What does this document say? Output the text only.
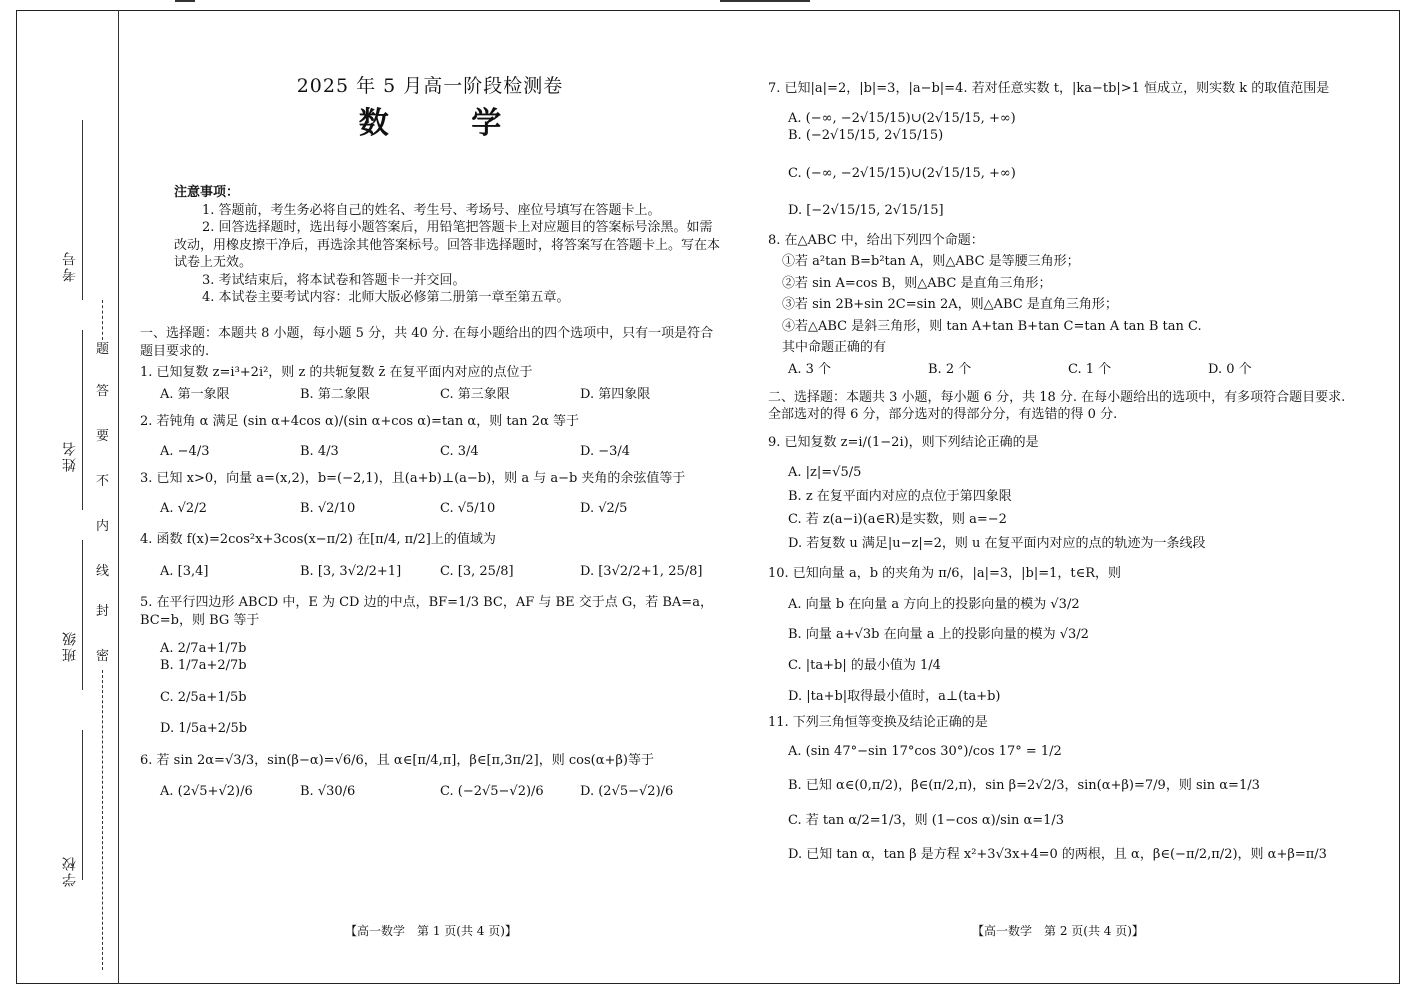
考号
姓名
班级
学校
题
答
要
不
内
线
封
密
2025 年 5 月高一阶段检测卷
数 学
注意事项：

1. 答题前，考生务必将自己的姓名、考生号、考场号、座位号填写在答题卡上。

2. 回答选择题时，选出每小题答案后，用铅笔把答题卡上对应题目的答案标号涂黑。如需改动，用橡皮擦干净后，再选涂其他答案标号。回答非选择题时，将答案写在答题卡上。写在本试卷上无效。

3. 考试结束后，将本试卷和答题卡一并交回。

4. 本试卷主要考试内容：北师大版必修第二册第一章至第五章。

一、选择题：本题共 8 小题，每小题 5 分，共 40 分. 在每小题给出的四个选项中，只有一项是符合题目要求的.
1. 已知复数 z=i³+2i²，则 z 的共轭复数 z̄ 在复平面内对应的点位于
A. 第一象限	B. 第二象限	C. 第三象限	D. 第四象限
2. 若钝角 α 满足 (sin α+4cos α)/(sin α+cos α)=tan α，则 tan 2α 等于
A. −4/3	B. 4/3	C. 3/4	D. −3/4
3. 已知 x>0，向量 a=(x,2)，b=(−2,1)，且(a+b)⊥(a−b)，则 a 与 a−b 夹角的余弦值等于
A. √2/2	B. √2/10	C. √5/10	D. √2/5
4. 函数 f(x)=2cos²x+3cos(x−π/2) 在[π/4, π/2]上的值域为
A. [3,4]	B. [3, 3√2/2+1]	C. [3, 25/8]	D. [3√2/2+1, 25/8]
5. 在平行四边形 ABCD 中，E 为 CD 边的中点，BF=1/3 BC，AF 与 BE 交于点 G，若 BA=a，BC=b，则 BG 等于
A. 2/7a+1/7b
B. 1/7a+2/7b
C. 2/5a+1/5b
D. 1/5a+2/5b
6. 若 sin 2α=√3/3，sin(β−α)=√6/6，且 α∈[π/4,π]，β∈[π,3π/2]，则 cos(α+β)等于
A. (2√5+√2)/6	B. √30/6	C. (−2√5−√2)/6	D. (2√5−√2)/6
7. 已知|a|=2，|b|=3，|a−b|=4. 若对任意实数 t，|ka−tb|>1 恒成立，则实数 k 的取值范围是
A. (−∞, −2√15/15)∪(2√15/15, +∞)
B. (−2√15/15, 2√15/15)
C. (−∞, −2√15/15)∪(2√15/15, +∞)
D. [−2√15/15, 2√15/15]
8. 在△ABC 中，给出下列四个命题：
①若 a²tan B=b²tan A，则△ABC 是等腰三角形；
②若 sin A=cos B，则△ABC 是直角三角形；
③若 sin 2B+sin 2C=sin 2A，则△ABC 是直角三角形；
④若△ABC 是斜三角形，则 tan A+tan B+tan C=tan A tan B tan C.
其中命题正确的有
A. 3 个	B. 2 个	C. 1 个	D. 0 个
二、选择题：本题共 3 小题，每小题 6 分，共 18 分. 在每小题给出的选项中，有多项符合题目要求. 全部选对的得 6 分，部分选对的得部分分，有选错的得 0 分.
9. 已知复数 z=i/(1−2i)，则下列结论正确的是
A. |z|=√5/5
B. z 在复平面内对应的点位于第四象限
C. 若 z(a−i)(a∈R)是实数，则 a=−2
D. 若复数 u 满足|u−z|=2，则 u 在复平面内对应的点的轨迹为一条线段
10. 已知向量 a，b 的夹角为 π/6，|a|=3，|b|=1，t∈R，则
A. 向量 b 在向量 a 方向上的投影向量的模为 √3/2
B. 向量 a+√3b 在向量 a 上的投影向量的模为 √3/2
C. |ta+b| 的最小值为 1/4
D. |ta+b|取得最小值时，a⊥(ta+b)
11. 下列三角恒等变换及结论正确的是
A. (sin 47°−sin 17°cos 30°)/cos 17° = 1/2
B. 已知 α∈(0,π/2)，β∈(π/2,π)，sin β=2√2/3，sin(α+β)=7/9，则 sin α=1/3
C. 若 tan α/2=1/3，则 (1−cos α)/sin α=1/3
D. 已知 tan α，tan β 是方程 x²+3√3x+4=0 的两根，且 α，β∈(−π/2,π/2)，则 α+β=π/3
【高一数学　第 1 页(共 4 页)】	【高一数学　第 2 页(共 4 页)】
